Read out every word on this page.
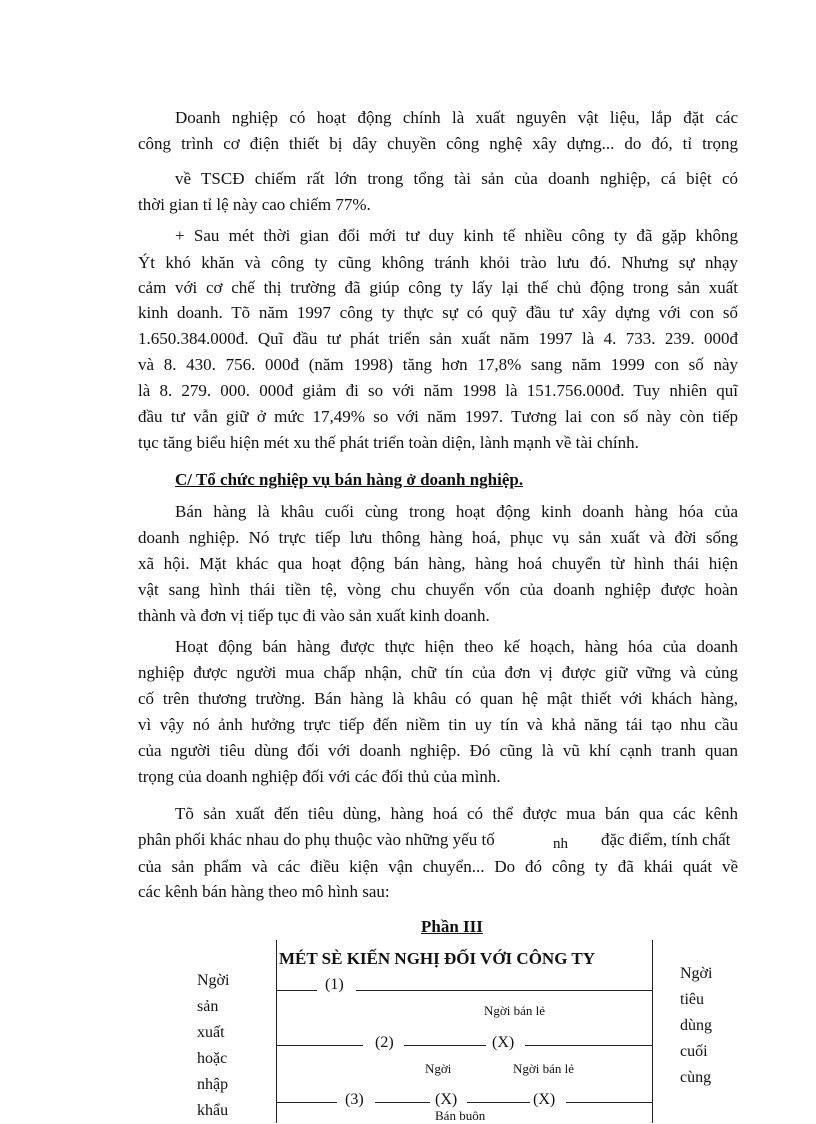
Doanh nghiệp có hoạt động chính là xuất nguyên vật liệu, lắp đặt các
công trình cơ điện thiết bị dây chuyền công nghệ xây dựng... do đó, tỉ trọng
về TSCĐ chiếm rất lớn trong tổng tài sản của doanh nghiệp, cá biệt có
thời gian tỉ lệ này cao chiếm 77%.
+ Sau mét thời gian đổi mới tư duy kinh tế nhiều công ty đã gặp không
Ýt khó khăn và công ty cũng không tránh khỏi trào lưu đó. Nhưng sự nhạy
cảm với cơ chế thị trường đã giúp công ty lấy lại thế chủ động trong sản xuất
kinh doanh. Tõ năm 1997 công ty thực sự có quỹ đầu tư xây dựng với con số
1.650.384.000đ. Quĩ đầu tư phát triển sản xuất năm 1997 là 4. 733. 239. 000đ
và 8. 430. 756. 000đ (năm 1998) tăng hơn 17,8% sang năm 1999 con số này
là 8. 279. 000. 000đ giảm đi so với năm 1998 là 151.756.000đ. Tuy nhiên quĩ
đầu tư vẫn giữ ở mức 17,49% so với năm 1997. Tương lai con số này còn tiếp
tục tăng biểu hiện mét xu thế phát triển toàn diện, lành mạnh về tài chính.
C/ Tổ chức nghiệp vụ bán hàng ở doanh nghiệp.
Bán hàng là khâu cuối cùng trong hoạt động kinh doanh hàng hóa của
doanh nghiệp. Nó trực tiếp lưu thông hàng hoá, phục vụ sản xuất và đời sống
xã hội. Mặt khác qua hoạt động bán hàng, hàng hoá chuyển từ hình thái hiện
vật sang hình thái tiền tệ, vòng chu chuyển vốn của doanh nghiệp được hoàn
thành và đơn vị tiếp tục đi vào sản xuất kinh doanh.
Hoạt động bán hàng được thực hiện theo kế hoạch, hàng hóa của doanh
nghiệp được người mua chấp nhận, chữ tín của đơn vị được giữ vững và củng
cố trên thương trường. Bán hàng là khâu có quan hệ mật thiết với khách hàng,
vì vậy nó ảnh hưởng trực tiếp đến niềm tin uy tín và khả năng tái tạo nhu cầu
của người tiêu dùng đối với doanh nghiệp. Đó cũng là vũ khí cạnh tranh quan
trọng của doanh nghiệp đối với các đối thủ của mình.
Tõ sản xuất đến tiêu dùng, hàng hoá có thể được mua bán qua các kênh
phân phối khác nhau do phụ thuộc vào những yếu tố	nh đặc điểm, tính chất
của sản phẩm và các điều kiện vận chuyển... Do đó công ty đã khái quát về
các kênh bán hàng theo mô hình sau:
Phần III
MÉT SÈ KIẾN NGHỊ ĐỐI VỚI CÔNG TY
Ngời
sản
xuất
hoặc
nhập
khẩu
Ngời
tiêu
dùng
cuối
cùng
(1)
Ngời bán lẻ
(2)	(X)
Ngời	Ngời bán lẻ
(3)	(X)	(X)
Bán buôn
